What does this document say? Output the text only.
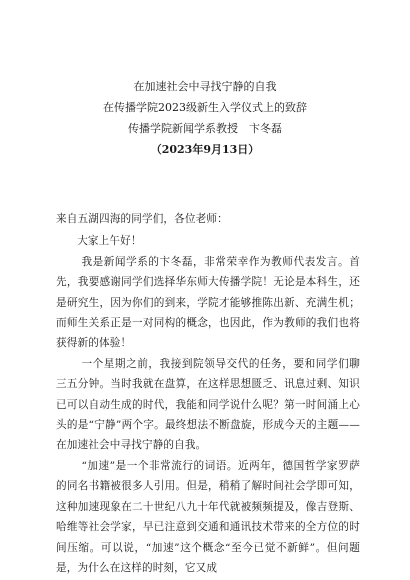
在加速社会中寻找宁静的自我
在传播学院2023级新生入学仪式上的致辞
传播学院新闻学系教授　卞冬磊
（2023年9月13日）

来自五湖四海的同学们，各位老师：

大家上午好！

我是新闻学系的卞冬磊，非常荣幸作为教师代表发言。首先，我要感谢同学们选择华东师大传播学院！无论是本科生，还是研究生，因为你们的到来，学院才能够推陈出新、充满生机；而师生关系正是一对同构的概念，也因此，作为教师的我们也将获得新的体验！

一个星期之前，我接到院领导交代的任务，要和同学们聊三五分钟。当时我就在盘算，在这样思想匮乏、讯息过剩、知识已可以自动生成的时代，我能和同学说什么呢？第一时间涌上心头的是“宁静”两个字。最终想法不断盘旋，形成今天的主题——在加速社会中寻找宁静的自我。

“加速”是一个非常流行的词语。近两年，德国哲学家罗萨的同名书籍被很多人引用。但是，稍稍了解时间社会学即可知，这种加速现象在二十世纪八九十年代就被频频提及，像吉登斯、哈维等社会学家，早已注意到交通和通讯技术带来的全方位的时间压缩。可以说，“加速”这个概念“至今已觉不新鲜”。但问题是，为什么在这样的时刻，它又成
